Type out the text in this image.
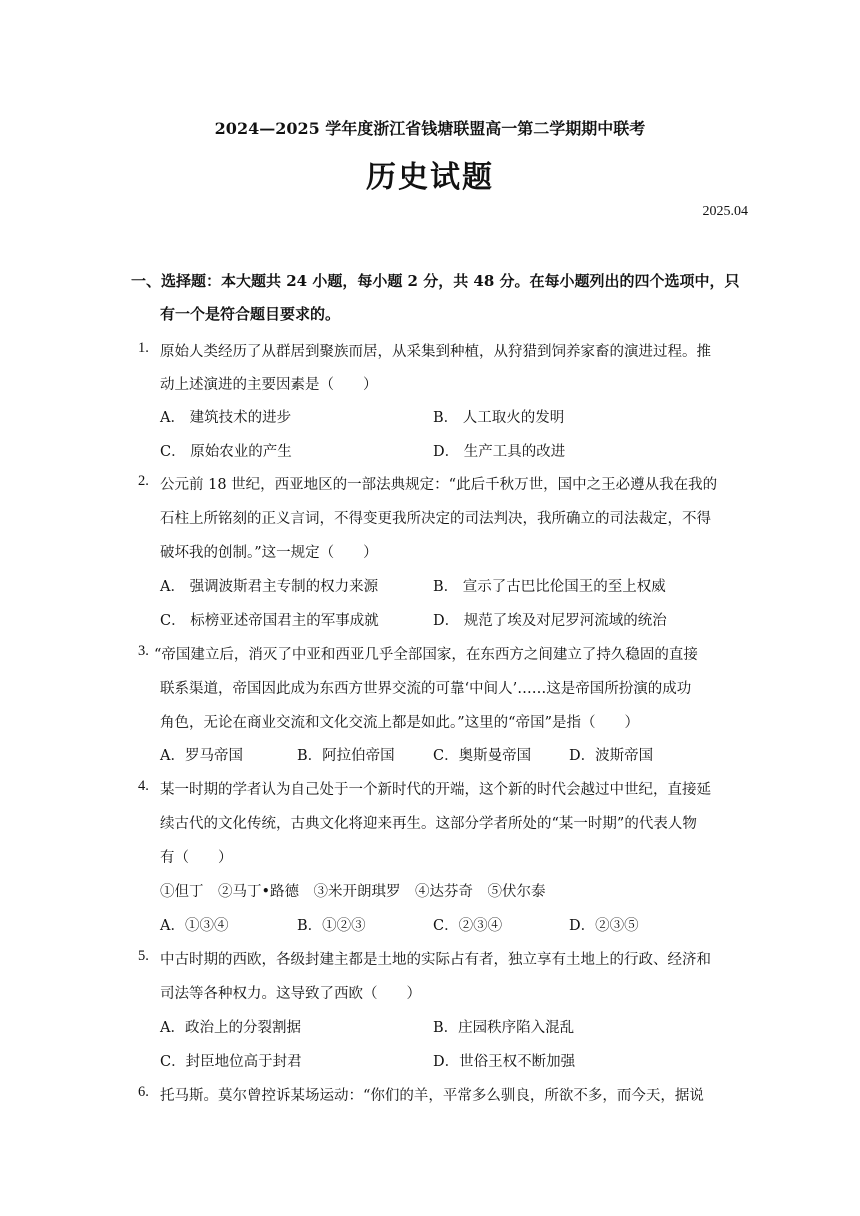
2024—2025 学年度浙江省钱塘联盟高一第二学期期中联考
历史试题
2025.04
一、选择题：本大题共 24 小题，每小题 2 分，共 48 分。在每小题列出的四个选项中，只
有一个是符合题目要求的。
1. 原始人类经历了从群居到聚族而居，从采集到种植，从狩猎到饲养家畜的演进过程。推
动上述演进的主要因素是（　　）
A． 建筑技术的进步	B． 人工取火的发明
C． 原始农业的产生	D． 生产工具的改进
2. 公元前 18 世纪，西亚地区的一部法典规定：“此后千秋万世，国中之王必遵从我在我的
石柱上所铭刻的正义言词，不得变更我所决定的司法判决，我所确立的司法裁定，不得
破坏我的创制。”这一规定（　　）
A． 强调波斯君主专制的权力来源	B． 宣示了古巴比伦国王的至上权威
C． 标榜亚述帝国君主的军事成就	D． 规范了埃及对尼罗河流域的统治
3. “帝国建立后，消灭了中亚和西亚几乎全部国家，在东西方之间建立了持久稳固的直接
联系渠道，帝国因此成为东西方世界交流的可靠‘中间人’……这是帝国所扮演的成功
角色，无论在商业交流和文化交流上都是如此。”这里的“帝国”是指（　　）
A．罗马帝国	B．阿拉伯帝国	C．奥斯曼帝国	D．波斯帝国
4. 某一时期的学者认为自己处于一个新时代的开端，这个新的时代会越过中世纪，直接延
续古代的文化传统，古典文化将迎来再生。这部分学者所处的“某一时期”的代表人物
有（　　）
①但丁　②马丁•路德　③米开朗琪罗　④达芬奇　⑤伏尔泰
A．①③④	B．①②③	C．②③④	D．②③⑤
5. 中古时期的西欧，各级封建主都是土地的实际占有者，独立享有土地上的行政、经济和
司法等各种权力。这导致了西欧（　　）
A．政治上的分裂割据	B．庄园秩序陷入混乱
C．封臣地位高于封君	D．世俗王权不断加强
6. 托马斯。莫尔曾控诉某场运动：“你们的羊，平常多么驯良，所欲不多，而今天，据说
